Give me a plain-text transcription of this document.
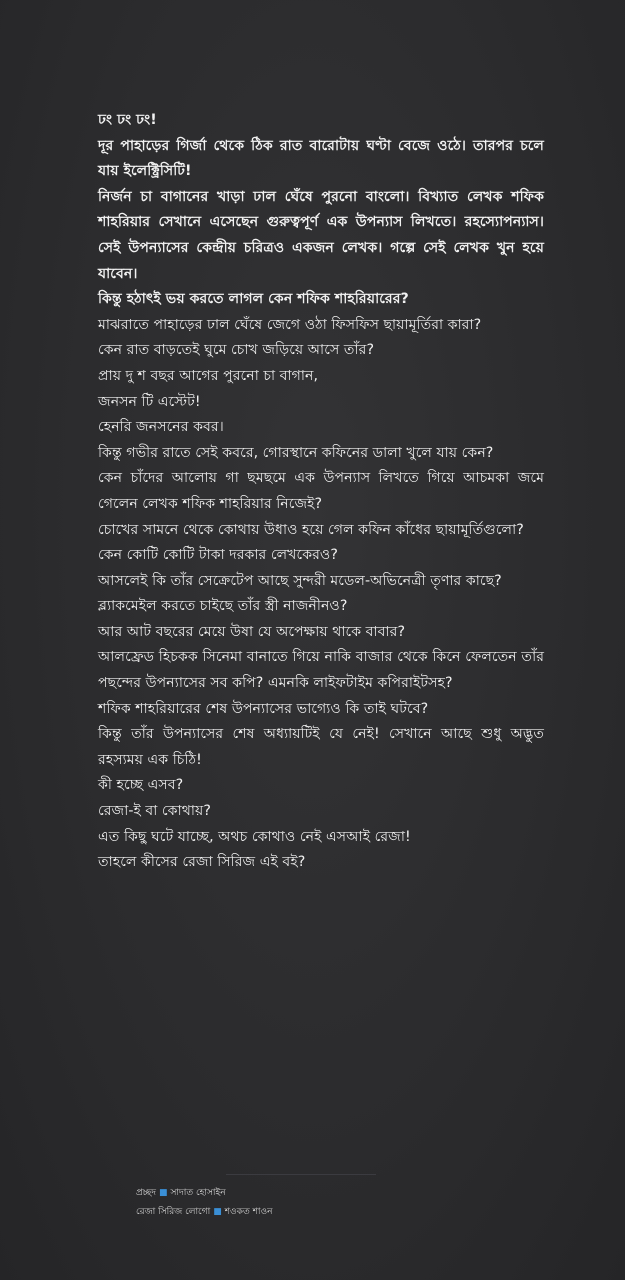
ঢং ঢং ঢং!

দূর পাহাড়ের গির্জা থেকে ঠিক রাত বারোটায় ঘণ্টা বেজে ওঠে। তারপর চলে যায় ইলেক্ট্রিসিটি!

নির্জন চা বাগানের খাড়া ঢাল ঘেঁষে পুরনো বাংলো। বিখ্যাত লেখক শফিক শাহরিয়ার সেখানে এসেছেন গুরুত্বপূর্ণ এক উপন্যাস লিখতে। রহস্যোপন্যাস। সেই উপন্যাসের কেন্দ্রীয় চরিত্রও একজন লেখক। গল্পে সেই লেখক খুন হয়ে যাবেন।

কিন্তু হঠাৎই ভয় করতে লাগল কেন শফিক শাহরিয়ারের?

মাঝরাতে পাহাড়ের ঢাল ঘেঁষে জেগে ওঠা ফিসফিস ছায়ামূর্তিরা কারা?

কেন রাত বাড়তেই ঘুমে চোখ জড়িয়ে আসে তাঁর?

প্রায় দু শ বছর আগের পুরনো চা বাগান,

জনসন টি এস্টেট!

হেনরি জনসনের কবর।

কিন্তু গভীর রাতে সেই কবরে, গোরস্থানে কফিনের ডালা খুলে যায় কেন?

কেন চাঁদের আলোয় গা ছমছমে এক উপন্যাস লিখতে গিয়ে আচমকা জমে গেলেন লেখক শফিক শাহরিয়ার নিজেই?

চোখের সামনে থেকে কোথায় উধাও হয়ে গেল কফিন কাঁধের ছায়ামূর্তিগুলো?

কেন কোটি কোটি টাকা দরকার লেখকেরও?

আসলেই কি তাঁর সেক্রেটেপ আছে সুন্দরী মডেল-অভিনেত্রী তৃণার কাছে?

ব্ল্যাকমেইল করতে চাইছে তাঁর স্ত্রী নাজনীনও?

আর আট বছরের মেয়ে উষা যে অপেক্ষায় থাকে বাবার?

আলফ্রেড হিচকক সিনেমা বানাতে গিয়ে নাকি বাজার থেকে কিনে ফেলতেন তাঁর পছন্দের উপন্যাসের সব কপি? এমনকি লাইফটাইম কপিরাইটসহ?

শফিক শাহরিয়ারের শেষ উপন্যাসের ভাগ্যেও কি তাই ঘটবে?

কিন্তু তাঁর উপন্যাসের শেষ অধ্যায়টিই যে নেই! সেখানে আছে শুধু অদ্ভুত রহস্যময় এক চিঠি!

কী হচ্ছে এসব?

রেজা-ই বা কোথায়?

এত কিছু ঘটে যাচ্ছে, অথচ কোথাও নেই এসআই রেজা!

তাহলে কীসের রেজা সিরিজ এই বই?

প্রচ্ছদ ■ সাদাত হোসাইন
রেজা সিরিজ লোগো ■ শওকত শাওন
